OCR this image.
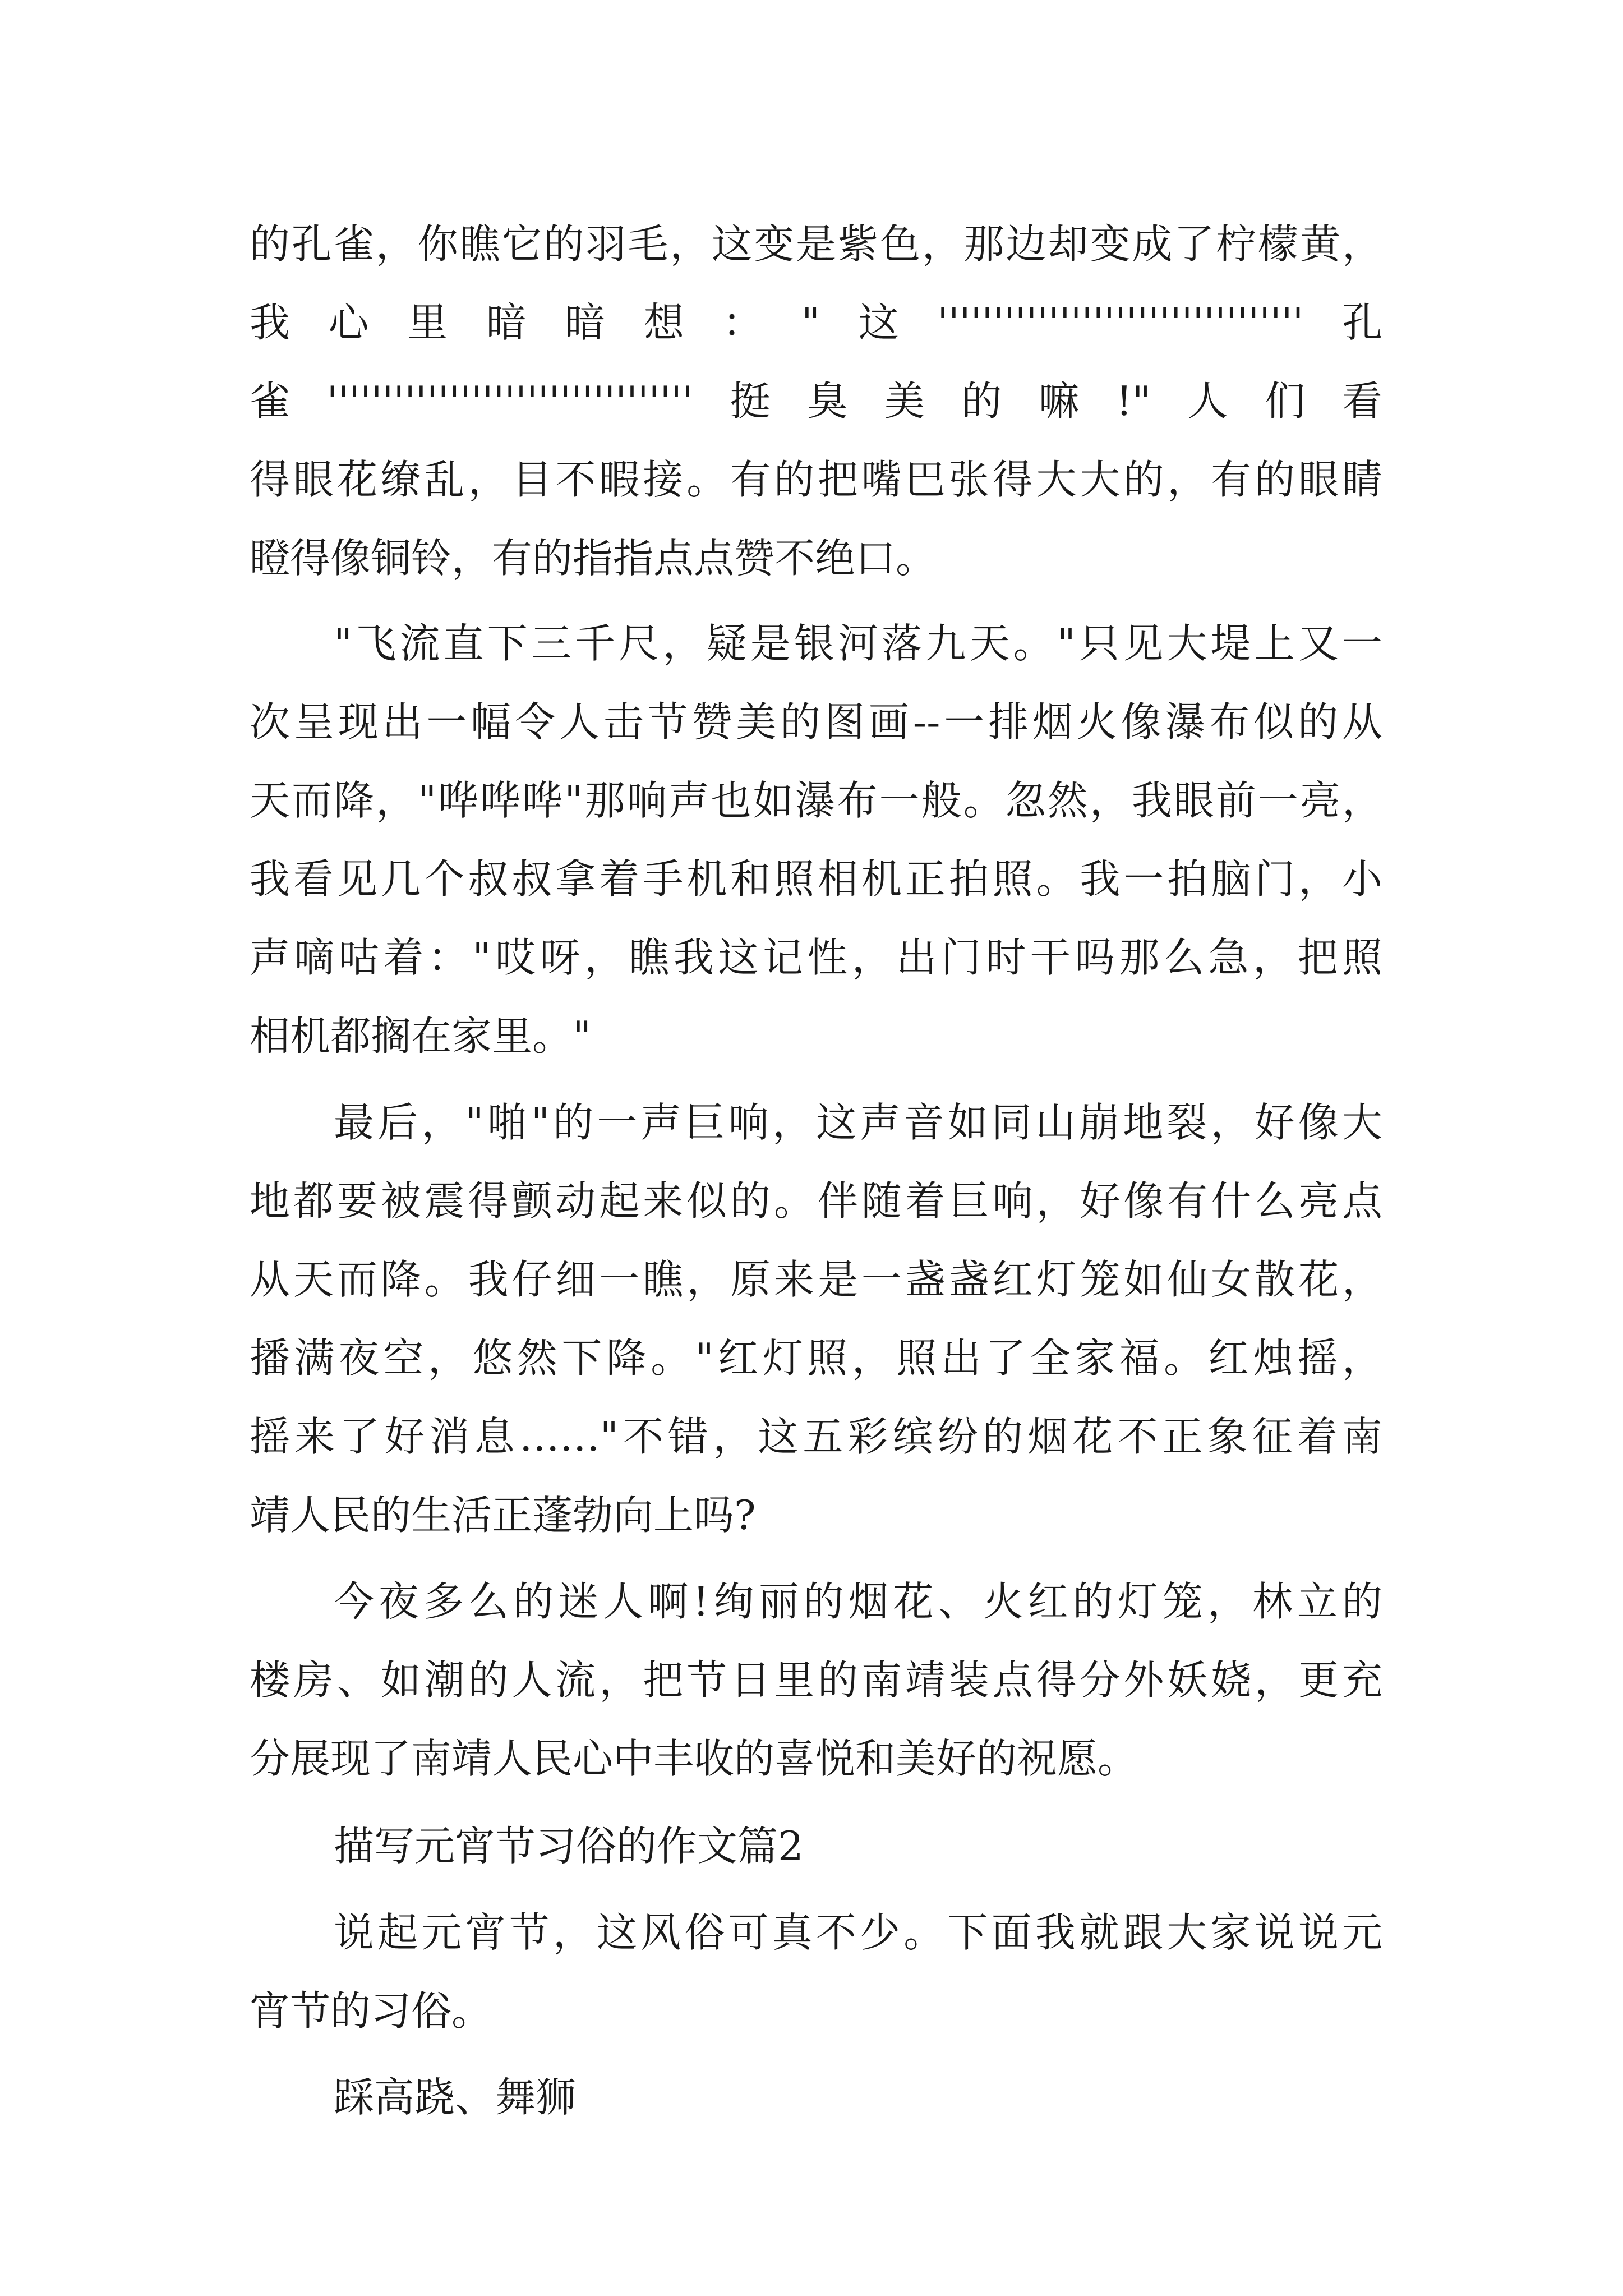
的孔雀，你瞧它的羽毛，这变是紫色，那边却变成了柠檬黄，
我心里暗暗想："这'''''''''''''''''''''''''''''''''孔
雀'''''''''''''''''''''''''''''''''挺臭美的嘛!"人们看
得眼花缭乱，目不暇接。有的把嘴巴张得大大的，有的眼睛
瞪得像铜铃，有的指指点点赞不绝口。
"飞流直下三千尺，疑是银河落九天。"只见大堤上又一
次呈现出一幅令人击节赞美的图画--一排烟火像瀑布似的从
天而降，"哗哗哗"那响声也如瀑布一般。忽然，我眼前一亮，
我看见几个叔叔拿着手机和照相机正拍照。我一拍脑门，小
声嘀咕着："哎呀，瞧我这记性，出门时干吗那么急，把照
相机都搁在家里。"
最后，"啪"的一声巨响，这声音如同山崩地裂，好像大
地都要被震得颤动起来似的。伴随着巨响，好像有什么亮点
从天而降。我仔细一瞧，原来是一盏盏红灯笼如仙女散花，
播满夜空，悠然下降。"红灯照，照出了全家福。红烛摇，
摇来了好消息……"不错，这五彩缤纷的烟花不正象征着南
靖人民的生活正蓬勃向上吗?
今夜多么的迷人啊!绚丽的烟花、火红的灯笼，林立的
楼房、如潮的人流，把节日里的南靖装点得分外妖娆，更充
分展现了南靖人民心中丰收的喜悦和美好的祝愿。
描写元宵节习俗的作文篇2
说起元宵节，这风俗可真不少。下面我就跟大家说说元
宵节的习俗。
踩高跷、舞狮
